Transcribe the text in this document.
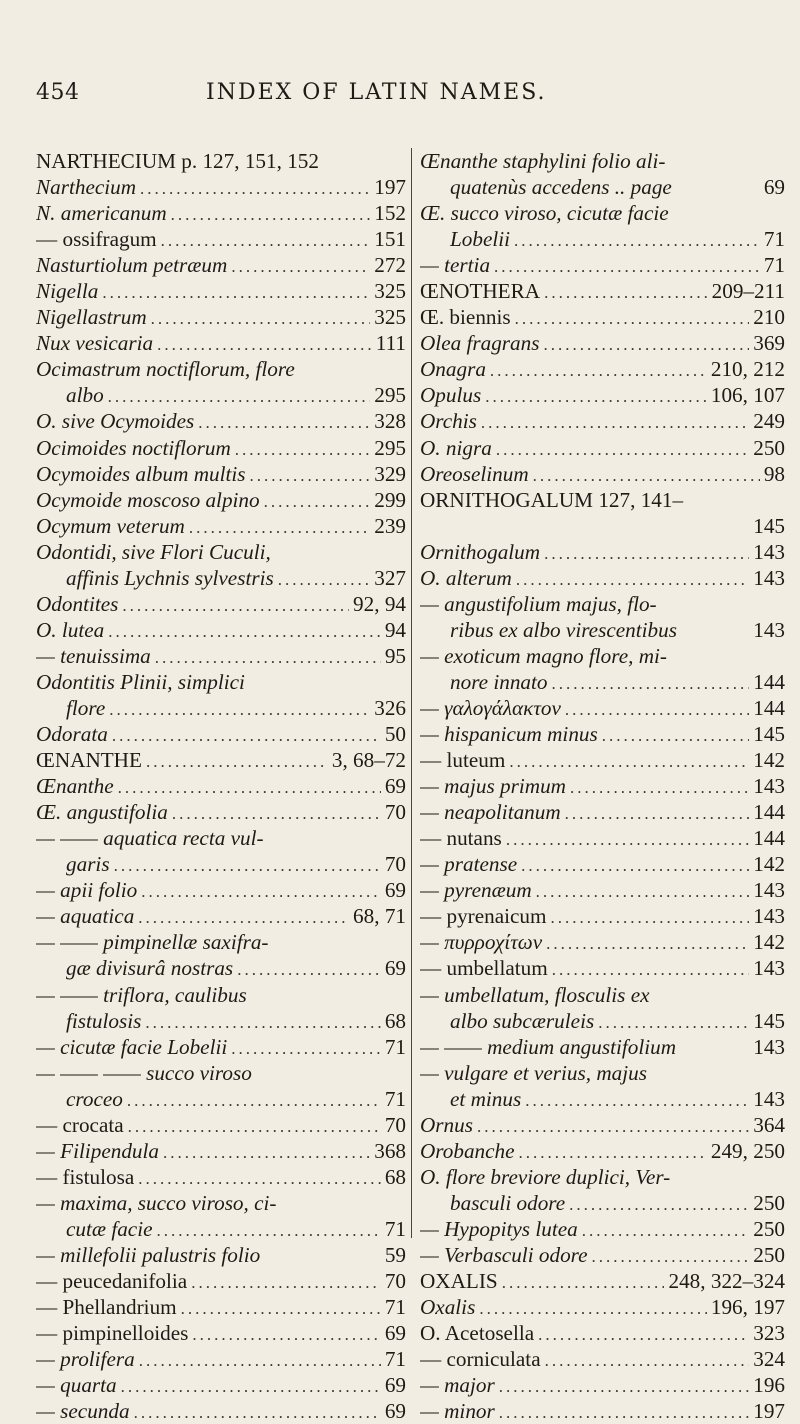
454	INDEX OF LATIN NAMES.
NARTHECIUM p. 127, 151, 152
Narthecium .....	197
N. americanum .....	152
— ossifragum .....	151
Nasturtiolum petræum .....	272
Nigella .....	325
Nigellastrum .....	325
Nux vesicaria .....	111
Ocimastrum noctiflorum, flore
albo .....	295
O. sive Ocymoides .....	328
Ocimoides noctiflorum .....	295
Ocymoides album multis .....	329
Ocymoide moscoso alpino .....	299
Ocymum veterum .....	239
Odontidi, sive Flori Cuculi,
affinis Lychnis sylvestris .....	327
Odontites .....	92, 94
O. lutea .....	94
— tenuissima .....	95
Odontitis Plinii, simplici
flore .....	326
Odorata .....	50
ŒNANTHE .....	3, 68–72
Œnanthe .....	69
Œ. angustifolia .....	70
— —— aquatica recta vul-
garis .....	70
— apii folio .....	69
— aquatica .....	68, 71
— —— pimpinellæ saxifra-
gæ divisurâ nostras .....	69
— —— triflora, caulibus
fistulosis .....	68
— cicutæ facie Lobelii .....	71
— —— —— succo viroso
croceo .....	71
— crocata .....	70
— Filipendula .....	368
— fistulosa .....	68
— maxima, succo viroso, ci-
cutæ facie .....	71
— millefolii palustris folio	59
— peucedanifolia .....	70
— Phellandrium .....	71
— pimpinelloides .....	69
— prolifera .....	71
— quarta .....	69
— secunda .....	69
Œnanthe staphylini folio ali-
quatenùs accedens .. page	69
Œ. succo viroso, cicutæ facie
Lobelii .....	71
— tertia .....	71
ŒNOTHERA .....	209–211
Œ. biennis .....	210
Olea fragrans .....	369
Onagra .....	210, 212
Opulus .....	106, 107
Orchis .....	249
O. nigra .....	250
Oreoselinum .....	98
ORNITHOGALUM 127, 141–
145
Ornithogalum .....	143
O. alterum .....	143
— angustifolium majus, flo-
ribus ex albo virescentibus	143
— exoticum magno flore, mi-
nore innato .....	144
— γαλογάλακτον .....	144
— hispanicum minus .....	145
— luteum .....	142
— majus primum .....	143
— neapolitanum .....	144
— nutans .....	144
— pratense .....	142
— pyrenæum .....	143
— pyrenaicum .....	143
— πυρροχίτων .....	142
— umbellatum .....	143
— umbellatum, flosculis ex
albo subcæruleis .....	145
— —— medium angustifolium	143
— vulgare et verius, majus
et minus .....	143
Ornus .....	364
Orobanche .....	249, 250
O. flore breviore duplici, Ver-
basculi odore .....	250
— Hypopitys lutea .....	250
— Verbasculi odore .....	250
OXALIS .....	248, 322–324
Oxalis .....	196, 197
O. Acetosella .....	323
— corniculata .....	324
— major .....	196
— minor .....	197
